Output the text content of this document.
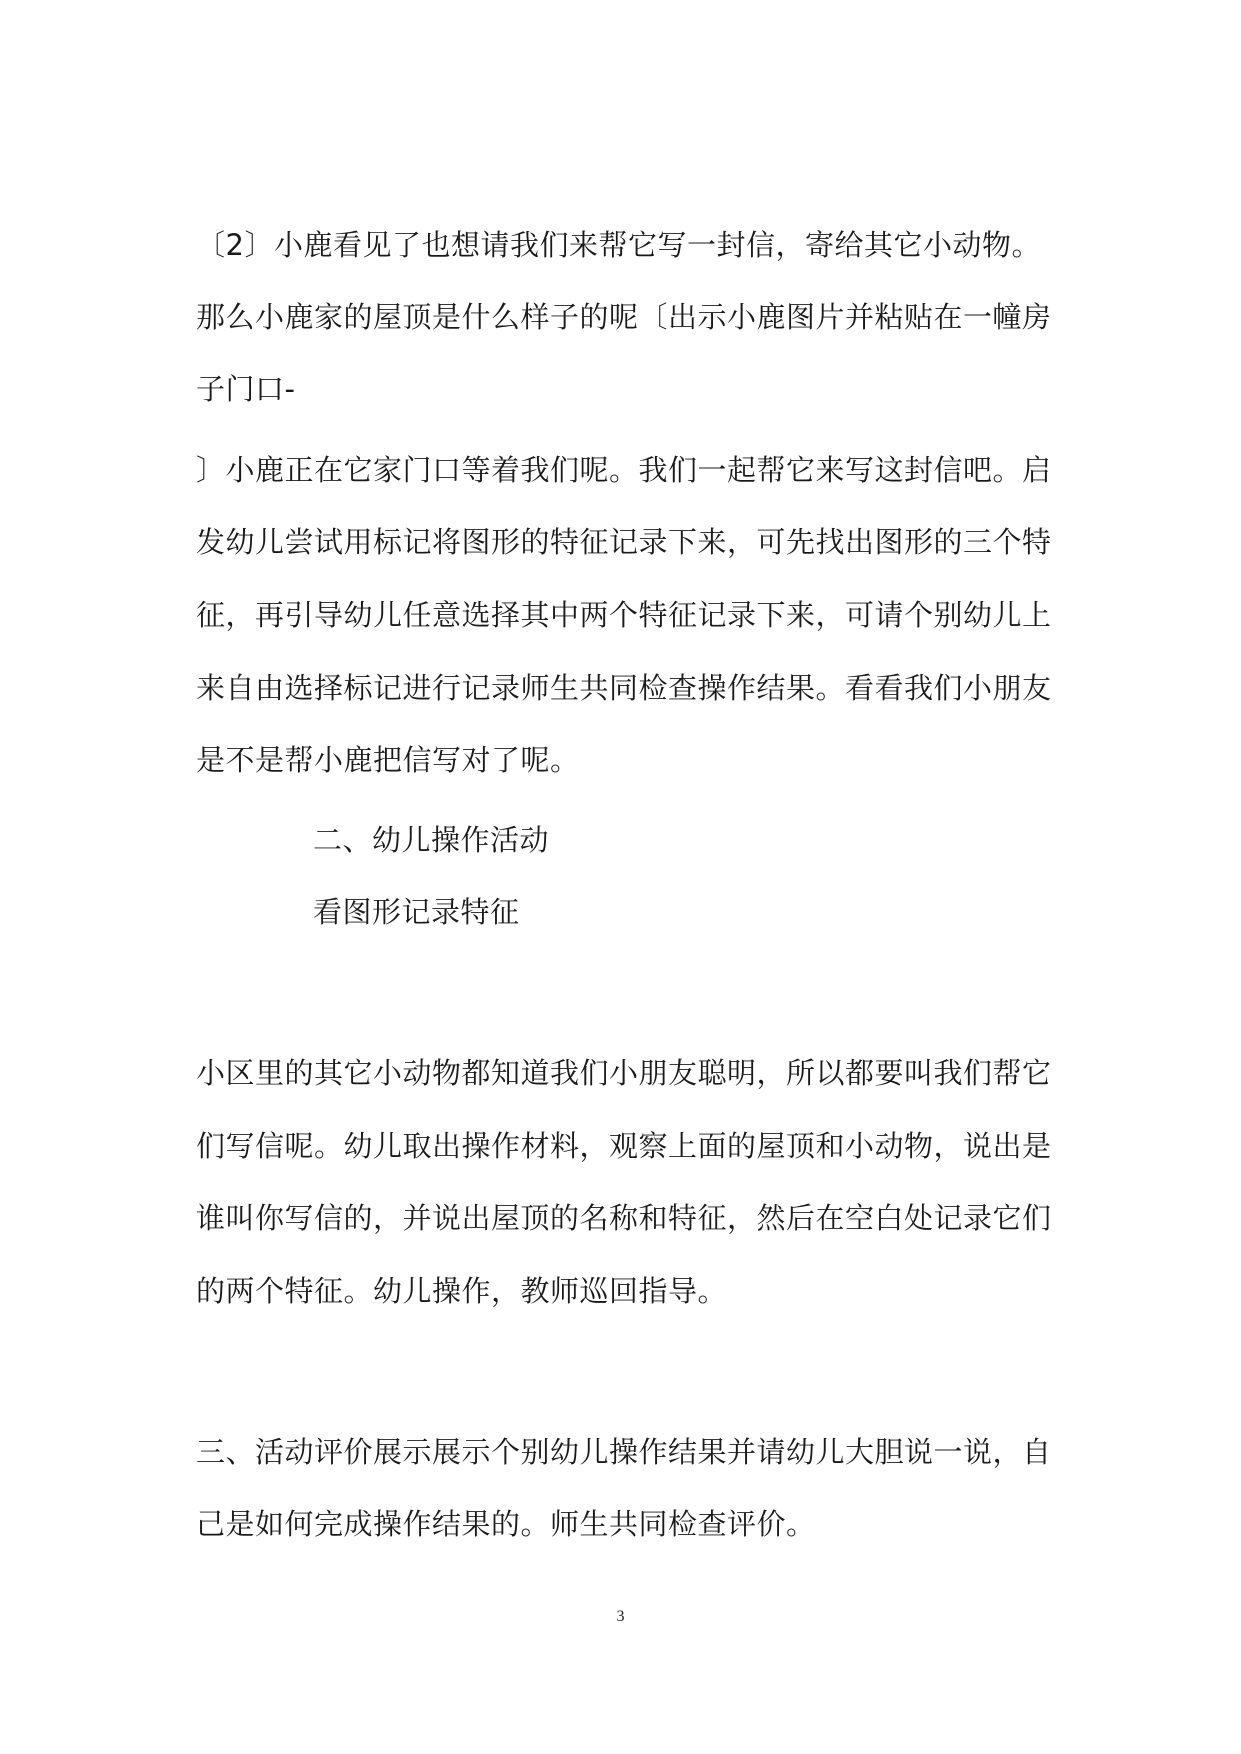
〔2〕小鹿看见了也想请我们来帮它写一封信，寄给其它小动物。
那么小鹿家的屋顶是什么样子的呢〔出示小鹿图片并粘贴在一幢房
子门口-
〕小鹿正在它家门口等着我们呢。我们一起帮它来写这封信吧。启
发幼儿尝试用标记将图形的特征记录下来，可先找出图形的三个特
征，再引导幼儿任意选择其中两个特征记录下来，可请个别幼儿上
来自由选择标记进行记录师生共同检查操作结果。看看我们小朋友
是不是帮小鹿把信写对了呢。
二、幼儿操作活动
看图形记录特征
小区里的其它小动物都知道我们小朋友聪明，所以都要叫我们帮它
们写信呢。幼儿取出操作材料，观察上面的屋顶和小动物，说出是
谁叫你写信的，并说出屋顶的名称和特征，然后在空白处记录它们
的两个特征。幼儿操作，教师巡回指导。
三、活动评价展示展示个别幼儿操作结果并请幼儿大胆说一说，自
己是如何完成操作结果的。师生共同检查评价。
3
